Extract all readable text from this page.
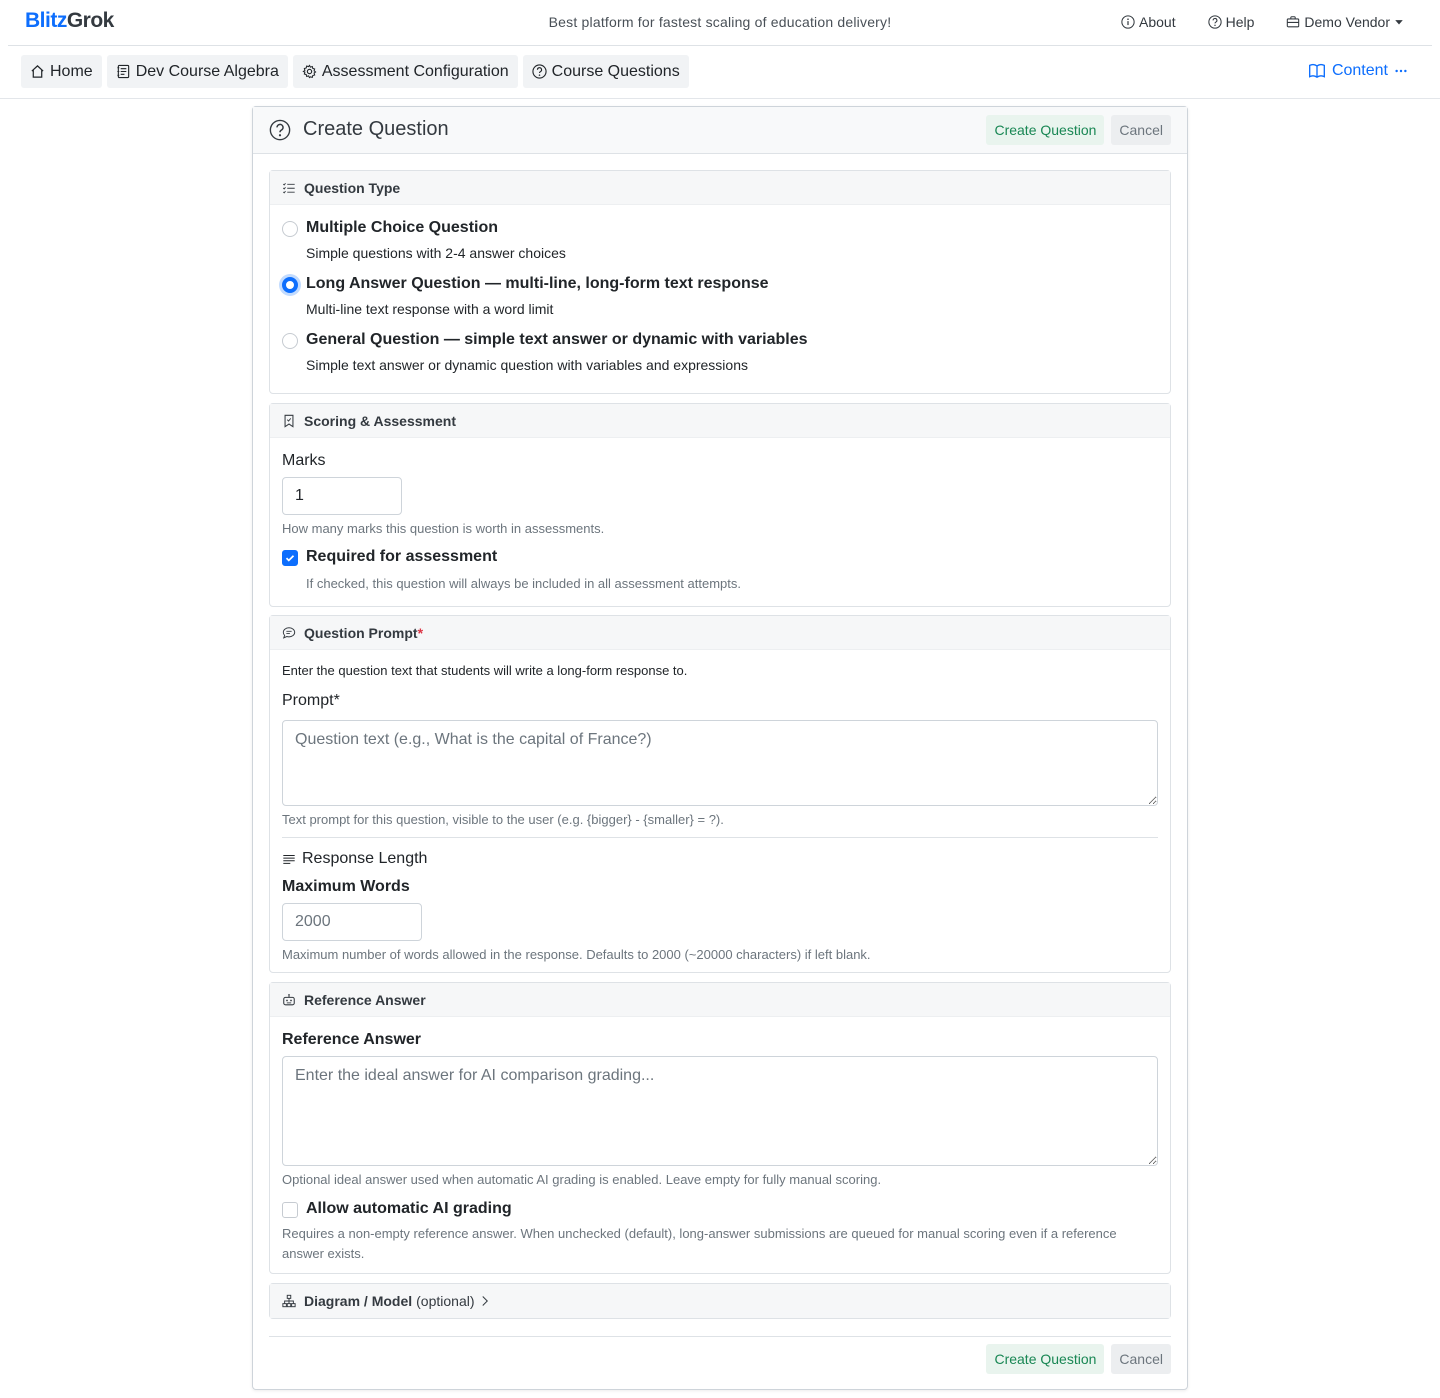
BlitzGrok	Best platform for fastest scaling of education delivery!	About	Help	Demo Vendor
Home	Dev Course Algebra	Assessment Configuration	Course Questions	Content
Create Question	Create Question	Cancel
Question Type
Multiple Choice Question
Simple questions with 2-4 answer choices
Long Answer Question — multi-line, long-form text response
Multi-line text response with a word limit
General Question — simple text answer or dynamic with variables
Simple text answer or dynamic question with variables and expressions
Scoring & Assessment
Marks
1
How many marks this question is worth in assessments.
Required for assessment
If checked, this question will always be included in all assessment attempts.
Question Prompt*
Enter the question text that students will write a long-form response to.
Prompt*
Question text (e.g., What is the capital of France?)
Text prompt for this question, visible to the user (e.g. {bigger} - {smaller} = ?).
Response Length
Maximum Words
2000
Maximum number of words allowed in the response. Defaults to 2000 (~20000 characters) if left blank.
Reference Answer
Reference Answer
Enter the ideal answer for AI comparison grading...
Optional ideal answer used when automatic AI grading is enabled. Leave empty for fully manual scoring.
Allow automatic AI grading
Requires a non-empty reference answer. When unchecked (default), long-answer submissions are queued for manual scoring even if a reference answer exists.
Diagram / Model (optional)
Create Question	Cancel
